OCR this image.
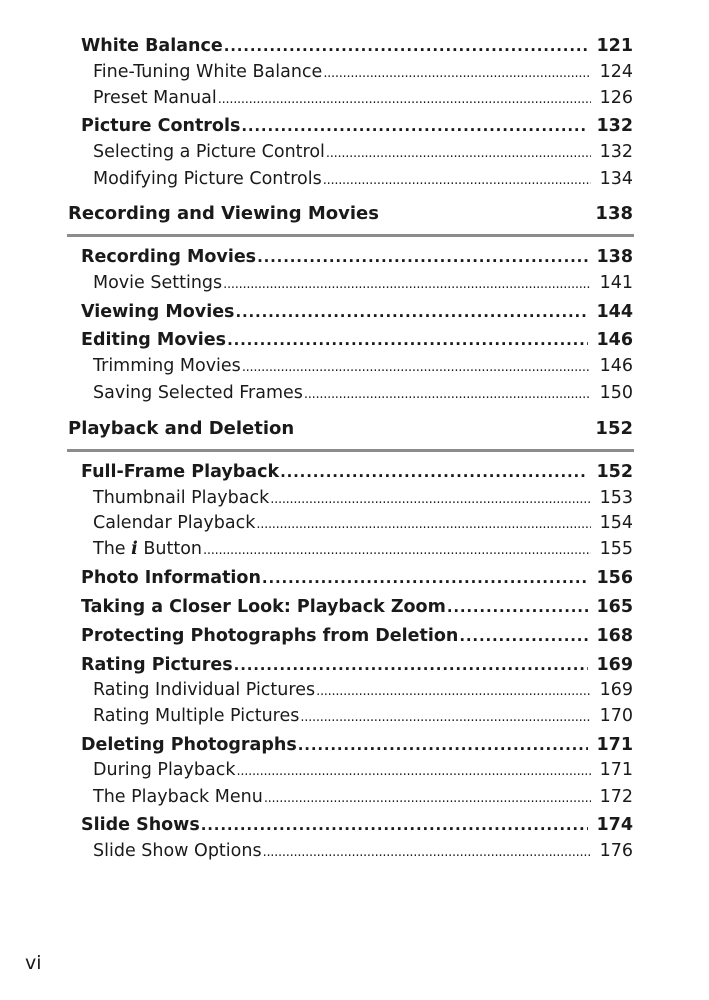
White Balance . . .	121
Fine-Tuning White Balance . . .	124
Preset Manual . . .	126
Picture Controls . . .	132
Selecting a Picture Control . . .	132
Modifying Picture Controls . . .	134
Recording and Viewing Movies	138
Recording Movies . . .	138
Movie Settings . . .	141
Viewing Movies . . .	144
Editing Movies . . .	146
Trimming Movies . . .	146
Saving Selected Frames . . .	150
Playback and Deletion	152
Full-Frame Playback . . .	152
Thumbnail Playback . . .	153
Calendar Playback . . .	154
The i Button . . .	155
Photo Information . . .	156
Taking a Closer Look: Playback Zoom . . .	165
Protecting Photographs from Deletion . . .	168
Rating Pictures . . .	169
Rating Individual Pictures . . .	169
Rating Multiple Pictures . . .	170
Deleting Photographs . . .	171
During Playback . . .	171
The Playback Menu . . .	172
Slide Shows . . .	174
Slide Show Options . . .	176
vi
